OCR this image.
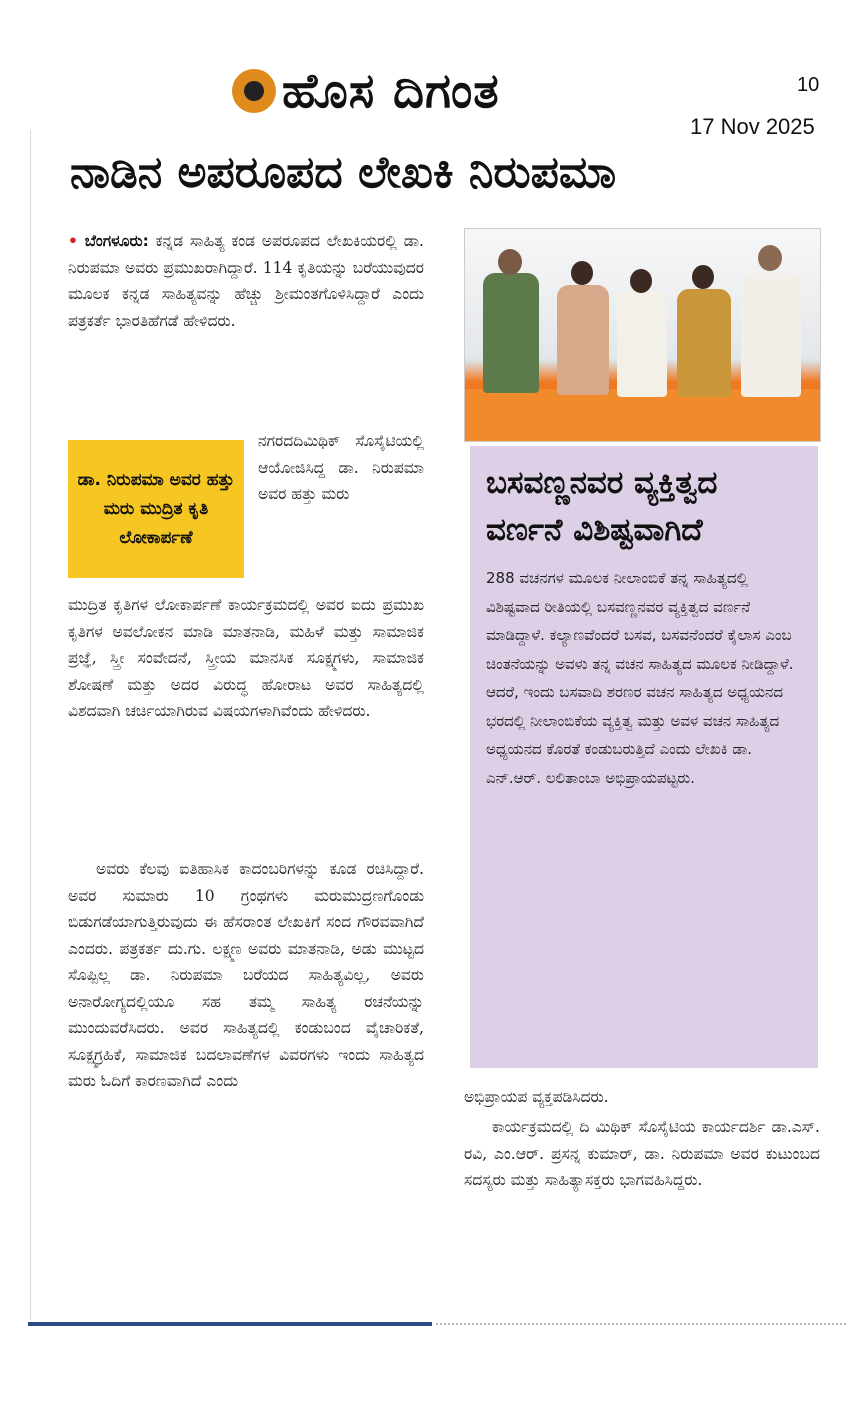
ಹೊಸ ದಿಗಂತ	10
17 Nov 2025
ನಾಡಿನ ಅಪರೂಪದ ಲೇಖಕಿ ನಿರುಪಮಾ

• ಬೆಂಗಳೂರು: ಕನ್ನಡ ಸಾಹಿತ್ಯ ಕಂಡ ಅಪರೂಪದ ಲೇಖಕಿಯರಲ್ಲಿ ಡಾ. ನಿರುಪಮಾ ಅವರು ಪ್ರಮುಖರಾಗಿದ್ದಾರೆ. 114 ಕೃತಿಯನ್ನು ಬರೆಯುವುದರ ಮೂಲಕ ಕನ್ನಡ ಸಾಹಿತ್ಯವನ್ನು ಹೆಚ್ಚು ಶ್ರೀಮಂತಗೊಳಿಸಿದ್ದಾರೆ ಎಂದು ಪತ್ರಕರ್ತೆ ಭಾರತಿಹೆಗಡೆ ಹೇಳಿದರು.

ಡಾ. ನಿರುಪಮಾ ಅವರ ಹತ್ತು ಮರು ಮುದ್ರಿತ ಕೃತಿ ಲೋಕಾರ್ಪಣೆ

ನಗರದದಿಮಿಥಿಕ್ ಸೊಸೈಟಿಯಲ್ಲಿ ಆಯೋಜಿಸಿದ್ದ ಡಾ. ನಿರುಪಮಾ ಅವರ ಹತ್ತು ಮರು

ಮುದ್ರಿತ ಕೃತಿಗಳ ಲೋಕಾರ್ಪಣೆ ಕಾರ್ಯಕ್ರಮದಲ್ಲಿ ಅವರ ಐದು ಪ್ರಮುಖ ಕೃತಿಗಳ ಅವಲೋಕನ ಮಾಡಿ ಮಾತನಾಡಿ, ಮಹಿಳೆ ಮತ್ತು ಸಾಮಾಜಿಕ ಪ್ರಜ್ಞೆ, ಸ್ತ್ರೀ ಸಂವೇದನೆ, ಸ್ತ್ರೀಯ ಮಾನಸಿಕ ಸೂಕ್ಷ್ಮಗಳು, ಸಾಮಾಜಿಕ ಶೋಷಣೆ ಮತ್ತು ಅದರ ವಿರುದ್ಧ ಹೋರಾಟ ಅವರ ಸಾಹಿತ್ಯದಲ್ಲಿ ವಿಶದವಾಗಿ ಚರ್ಚಿಯಾಗಿರುವ ವಿಷಯಗಳಾಗಿವೆಂದು ಹೇಳಿದರು.

ಅವರು ಕೆಲವು ಐತಿಹಾಸಿಕ ಕಾದಂಬರಿಗಳನ್ನು ಕೂಡ ರಚಿಸಿದ್ದಾರೆ. ಅವರ ಸುಮಾರು 10 ಗ್ರಂಥಗಳು ಮರುಮುದ್ರಣಗೊಂಡು ಬಿಡುಗಡೆಯಾಗುತ್ತಿರುವುದು ಈ ಹೆಸರಾಂತ ಲೇಖಕಿಗೆ ಸಂದ ಗೌರವವಾಗಿದೆ ಎಂದರು. ಪತ್ರಕರ್ತ ದು.ಗು. ಲಕ್ಷ್ಮಣ ಅವರು ಮಾತನಾಡಿ, ಅಡು ಮುಟ್ಟದ ಸೊಪ್ಪಿಲ್ಲ ಡಾ. ನಿರುಪಮಾ ಬರೆಯದ ಸಾಹಿತ್ಯವಿಲ್ಲ, ಅವರು ಅನಾರೋಗ್ಯದಲ್ಲಿಯೂ ಸಹ ತಮ್ಮ ಸಾಹಿತ್ಯ ರಚನೆಯನ್ನು ಮುಂದುವರೆಸಿದರು. ಅವರ ಸಾಹಿತ್ಯದಲ್ಲಿ ಕಂಡುಬಂದ ವೈಚಾರಿಕತೆ, ಸೂಕ್ಷ್ಮಗ್ರಹಿಕೆ, ಸಾಮಾಜಿಕ ಬದಲಾವಣೆಗಳ ವಿವರಗಳು ಇಂದು ಸಾಹಿತ್ಯದ ಮರು ಓದಿಗೆ ಕಾರಣವಾಗಿದೆ ಎಂದು

ಬಸವಣ್ಣನವರ ವ್ಯಕ್ತಿತ್ವದ ವರ್ಣನೆ ವಿಶಿಷ್ಟವಾಗಿದೆ

288 ವಚನಗಳ ಮೂಲಕ ನೀಲಾಂಬಿಕೆ ತನ್ನ ಸಾಹಿತ್ಯದಲ್ಲಿ ವಿಶಿಷ್ಟವಾದ ರೀತಿಯಲ್ಲಿ ಬಸವಣ್ಣನವರ ವ್ಯಕ್ತಿತ್ವದ ವರ್ಣನೆ ಮಾಡಿದ್ದಾಳೆ. ಕಲ್ಯಾಣವೆಂದರೆ ಬಸವ, ಬಸವನೆಂದರೆ ಕೈಲಾಸ ಎಂಬ ಚಿಂತನೆಯನ್ನು ಅವಳು ತನ್ನ ವಚನ ಸಾಹಿತ್ಯದ ಮೂಲಕ ನೀಡಿದ್ದಾಳೆ. ಆದರೆ, ಇಂದು ಬಸವಾದಿ ಶರಣರ ವಚನ ಸಾಹಿತ್ಯದ ಅಧ್ಯಯನದ ಭರದಲ್ಲಿ ನೀಲಾಂಬಿಕೆಯ ವ್ಯಕ್ತಿತ್ವ ಮತ್ತು ಅವಳ ವಚನ ಸಾಹಿತ್ಯದ ಅಧ್ಯಯನದ ಕೊರತೆ ಕಂಡುಬರುತ್ತಿದೆ ಎಂದು ಲೇಖಕಿ ಡಾ. ಎನ್.ಆರ್. ಲಲಿತಾಂಬಾ ಅಭಿಪ್ರಾಯಪಟ್ಟರು.

ಅಭಿಪ್ರಾಯಪ ವ್ಯಕ್ತಪಡಿಸಿದರು.

ಕಾರ್ಯಕ್ರಮದಲ್ಲಿ ದಿ ಮಿಥಿಕ್ ಸೊಸೈಟಿಯ ಕಾರ್ಯದರ್ಶಿ ಡಾ.ಎಸ್. ರವಿ, ಎಂ.ಆರ್. ಪ್ರಸನ್ನ ಕುಮಾರ್, ಡಾ. ನಿರುಪಮಾ ಅವರ ಕುಟುಂಬದ ಸದಸ್ಯರು ಮತ್ತು ಸಾಹಿತ್ಯಾಸಕ್ತರು ಭಾಗವಹಿಸಿದ್ದರು.
